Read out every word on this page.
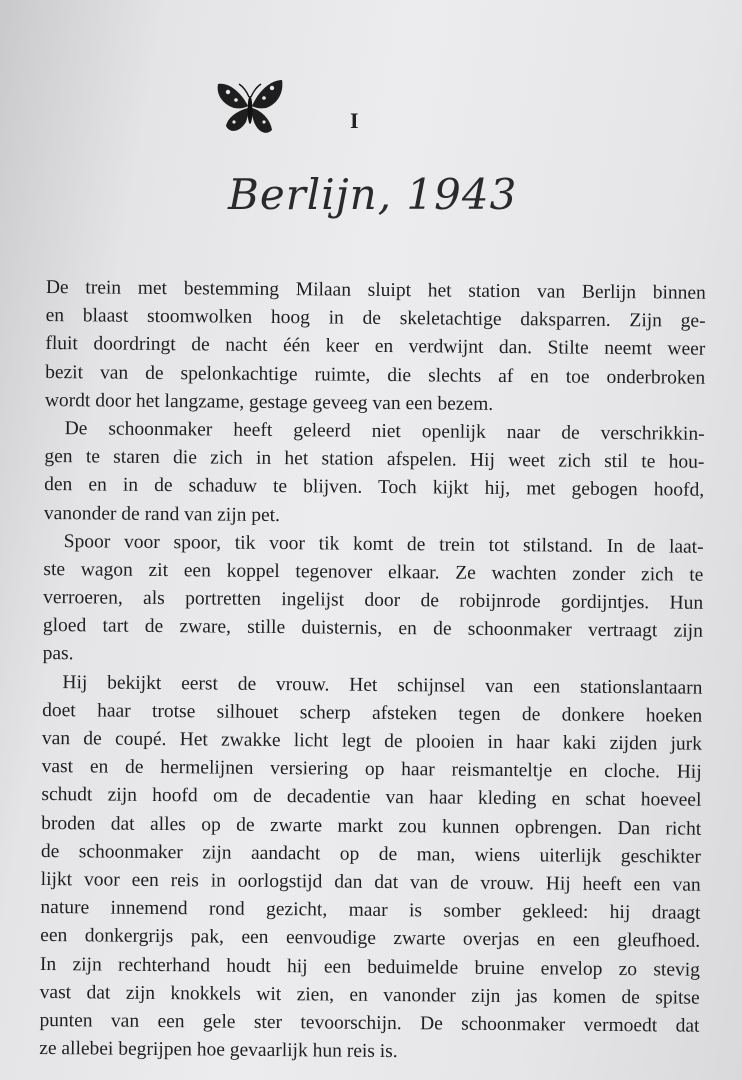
I
Berlijn, 1943
De trein met bestemming Milaan sluipt het station van Berlijn binnen
en blaast stoomwolken hoog in de skeletachtige daksparren. Zijn ge-
fluit doordringt de nacht één keer en verdwijnt dan. Stilte neemt weer
bezit van de spelonkachtige ruimte, die slechts af en toe onderbroken
wordt door het langzame, gestage geveeg van een bezem.
De schoonmaker heeft geleerd niet openlijk naar de verschrikkin-
gen te staren die zich in het station afspelen. Hij weet zich stil te hou-
den en in de schaduw te blijven. Toch kijkt hij, met gebogen hoofd,
vanonder de rand van zijn pet.
Spoor voor spoor, tik voor tik komt de trein tot stilstand. In de laat-
ste wagon zit een koppel tegenover elkaar. Ze wachten zonder zich te
verroeren, als portretten ingelijst door de robijnrode gordijntjes. Hun
gloed tart de zware, stille duisternis, en de schoonmaker vertraagt zijn
pas.
Hij bekijkt eerst de vrouw. Het schijnsel van een stationslantaarn
doet haar trotse silhouet scherp afsteken tegen de donkere hoeken
van de coupé. Het zwakke licht legt de plooien in haar kaki zijden jurk
vast en de hermelijnen versiering op haar reismanteltje en cloche. Hij
schudt zijn hoofd om de decadentie van haar kleding en schat hoeveel
broden dat alles op de zwarte markt zou kunnen opbrengen. Dan richt
de schoonmaker zijn aandacht op de man, wiens uiterlijk geschikter
lijkt voor een reis in oorlogstijd dan dat van de vrouw. Hij heeft een van
nature innemend rond gezicht, maar is somber gekleed: hij draagt
een donkergrijs pak, een eenvoudige zwarte overjas en een gleufhoed.
In zijn rechterhand houdt hij een beduimelde bruine envelop zo stevig
vast dat zijn knokkels wit zien, en vanonder zijn jas komen de spitse
punten van een gele ster tevoorschijn. De schoonmaker vermoedt dat
ze allebei begrijpen hoe gevaarlijk hun reis is.
